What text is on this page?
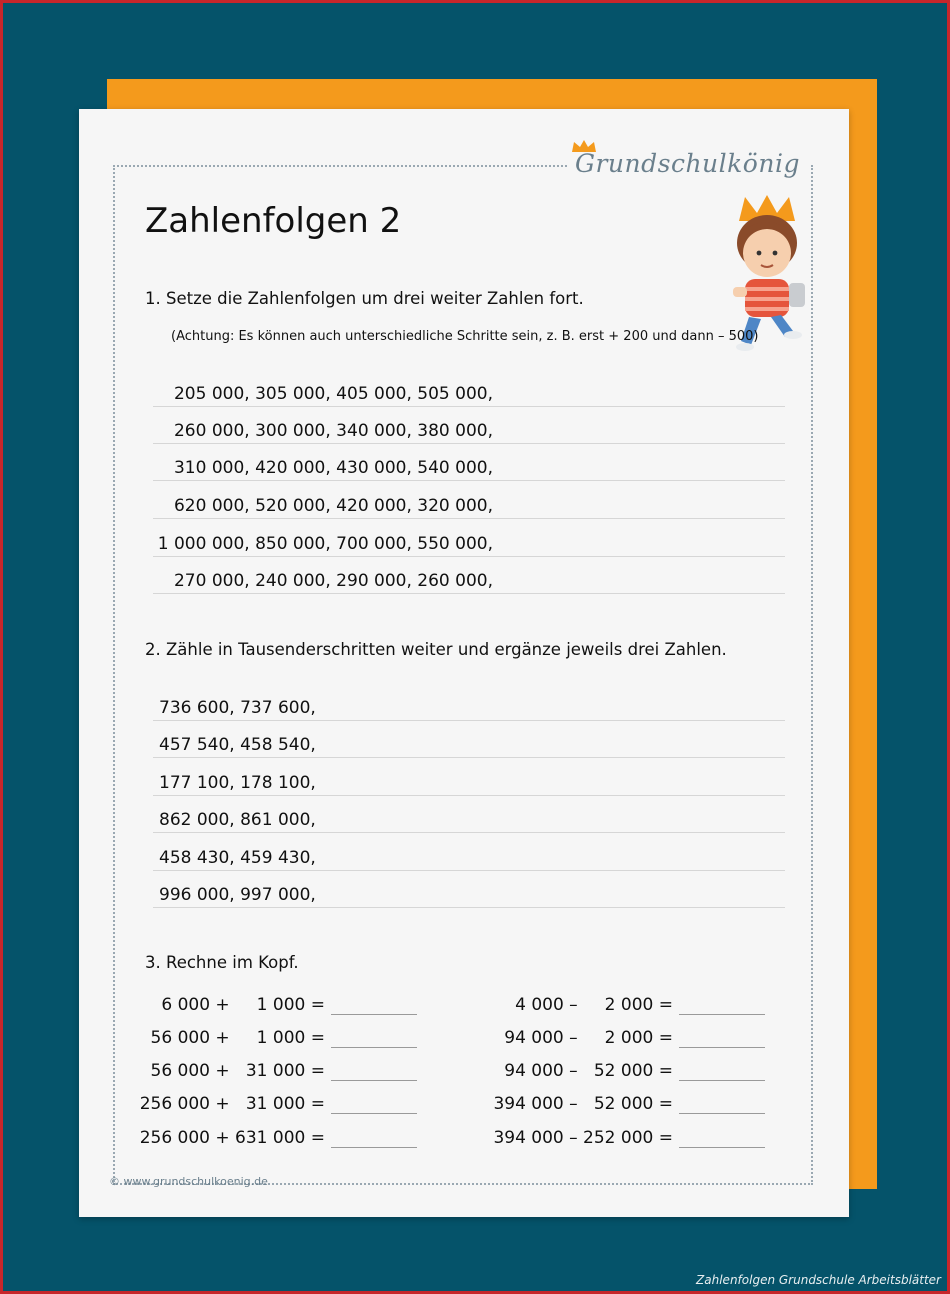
Grundschulkönig
Zahlenfolgen 2
1. Setze die Zahlenfolgen um drei weiter Zahlen fort.
(Achtung: Es können auch unterschiedliche Schritte sein, z. B. erst + 200 und dann – 500)
205 000, 305 000, 405 000, 505 000,
260 000, 300 000, 340 000, 380 000,
310 000, 420 000, 430 000, 540 000,
620 000, 520 000, 420 000, 320 000,
1 000 000, 850 000, 700 000, 550 000,
270 000, 240 000, 290 000, 260 000,
2. Zähle in Tausenderschritten weiter und ergänze jeweils drei Zahlen.
736 600, 737 600,
457 540, 458 540,
177 100, 178 100,
862 000, 861 000,
458 430, 459 430,
996 000, 997 000,
3. Rechne im Kopf.
6 000 +     1 000 =
56 000 +     1 000 =
56 000 +   31 000 =
256 000 +   31 000 =
256 000 + 631 000 =
4 000 –     2 000 =
94 000 –     2 000 =
94 000 –   52 000 =
394 000 –   52 000 =
394 000 – 252 000 =
© www.grundschulkoenig.de
Zahlenfolgen Grundschule Arbeitsblätter
